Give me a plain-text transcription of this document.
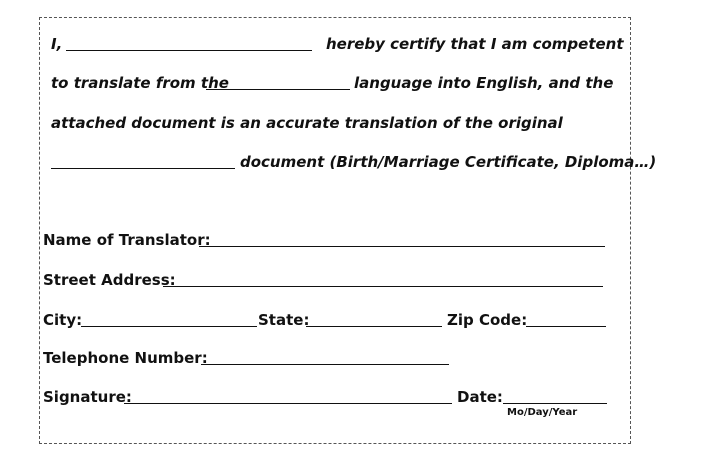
I,	hereby certify that I am competent
to translate from the	language into English, and the
attached document is an accurate translation of the original
document (Birth/Marriage Certificate, Diploma…)
Name of Translator:
Street Address:
City:	State:	Zip Code:
Telephone Number:
Signature:	Date:
Mo/Day/Year
